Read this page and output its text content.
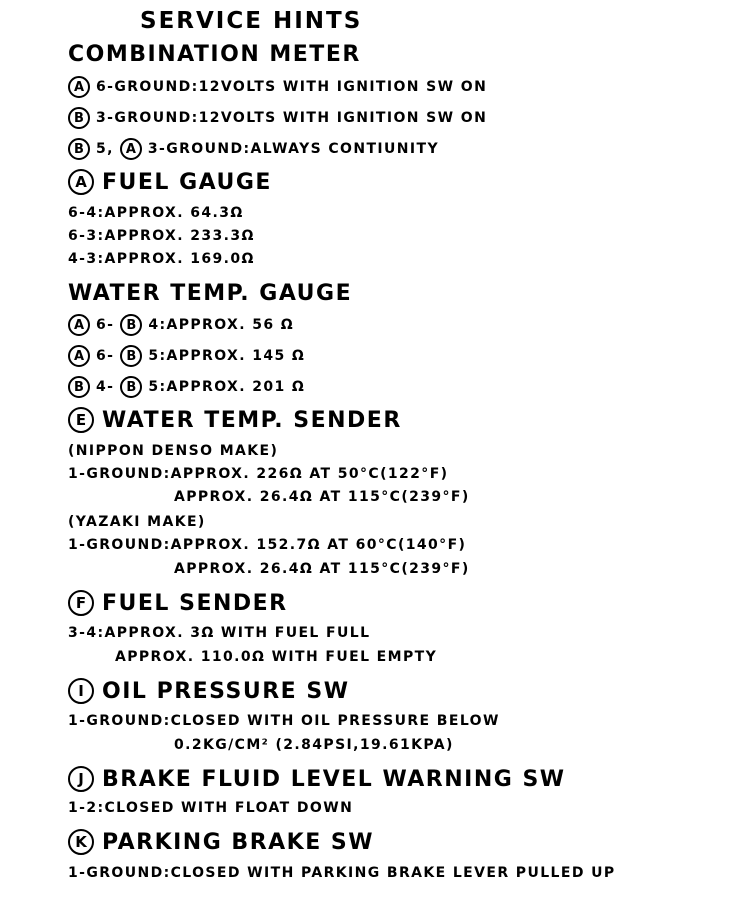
SERVICE HINTS
COMBINATION METER
A 6-GROUND:12VOLTS WITH IGNITION SW ON
B 3-GROUND:12VOLTS WITH IGNITION SW ON
B 5, A 3-GROUND:ALWAYS CONTIUNITY
A FUEL GAUGE
6-4:APPROX. 64.3Ω
6-3:APPROX. 233.3Ω
4-3:APPROX. 169.0Ω
WATER TEMP. GAUGE
A 6- B 4:APPROX. 56 Ω
A 6- B 5:APPROX. 145 Ω
B 4- B 5:APPROX. 201 Ω
E WATER TEMP. SENDER
(NIPPON DENSO MAKE)
1-GROUND:APPROX. 226Ω AT 50°C(122°F)
APPROX. 26.4Ω AT 115°C(239°F)
(YAZAKI MAKE)
1-GROUND:APPROX. 152.7Ω AT 60°C(140°F)
APPROX. 26.4Ω AT 115°C(239°F)
F FUEL SENDER
3-4:APPROX. 3Ω WITH FUEL FULL
APPROX. 110.0Ω WITH FUEL EMPTY
I OIL PRESSURE SW
1-GROUND:CLOSED WITH OIL PRESSURE BELOW
0.2KG/CM² (2.84PSI,19.61KPA)
J BRAKE FLUID LEVEL WARNING SW
1-2:CLOSED WITH FLOAT DOWN
K PARKING BRAKE SW
1-GROUND:CLOSED WITH PARKING BRAKE LEVER PULLED UP
